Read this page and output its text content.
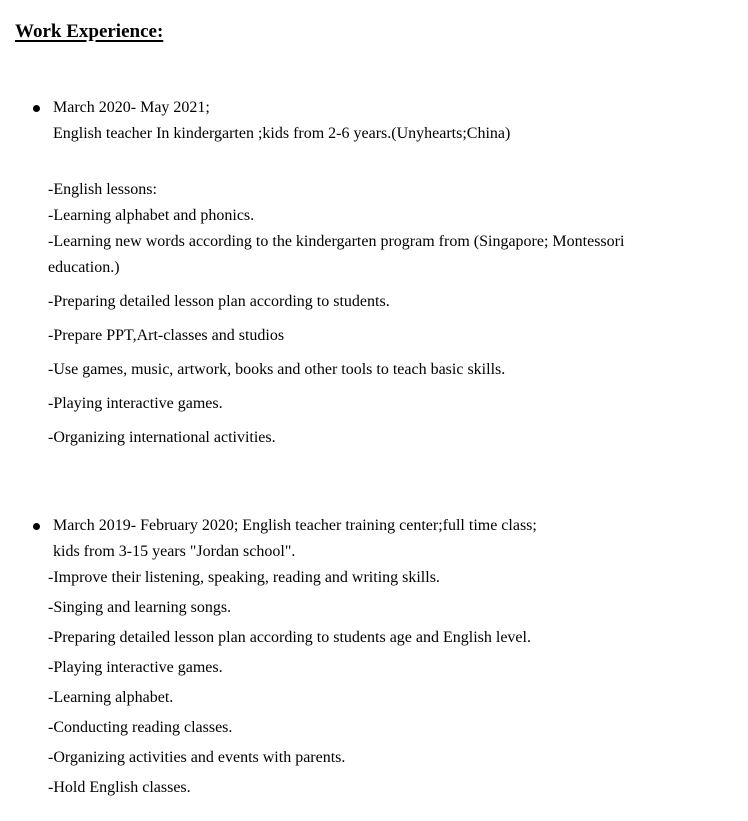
Work Experience:
March 2020- May 2021;
English teacher In kindergarten ;kids from 2-6 years.(Unyhearts;China)
-English lessons:
-Learning alphabet and phonics.
-Learning new words according to the kindergarten program from (Singapore; Montessori
education.)
-Preparing detailed lesson plan according to students.
-Prepare PPT,Art-classes and studios
-Use games, music, artwork, books and other tools to teach basic skills.
-Playing interactive games.
-Organizing international activities.
March 2019- February 2020; English teacher training center;full time class;
kids from 3-15 years "Jordan school".
-Improve their listening, speaking, reading and writing skills.
-Singing and learning songs.
-Preparing detailed lesson plan according to students age and English level.
-Playing interactive games.
-Learning alphabet.
-Conducting reading classes.
-Organizing activities and events with parents.
-Hold English classes.
